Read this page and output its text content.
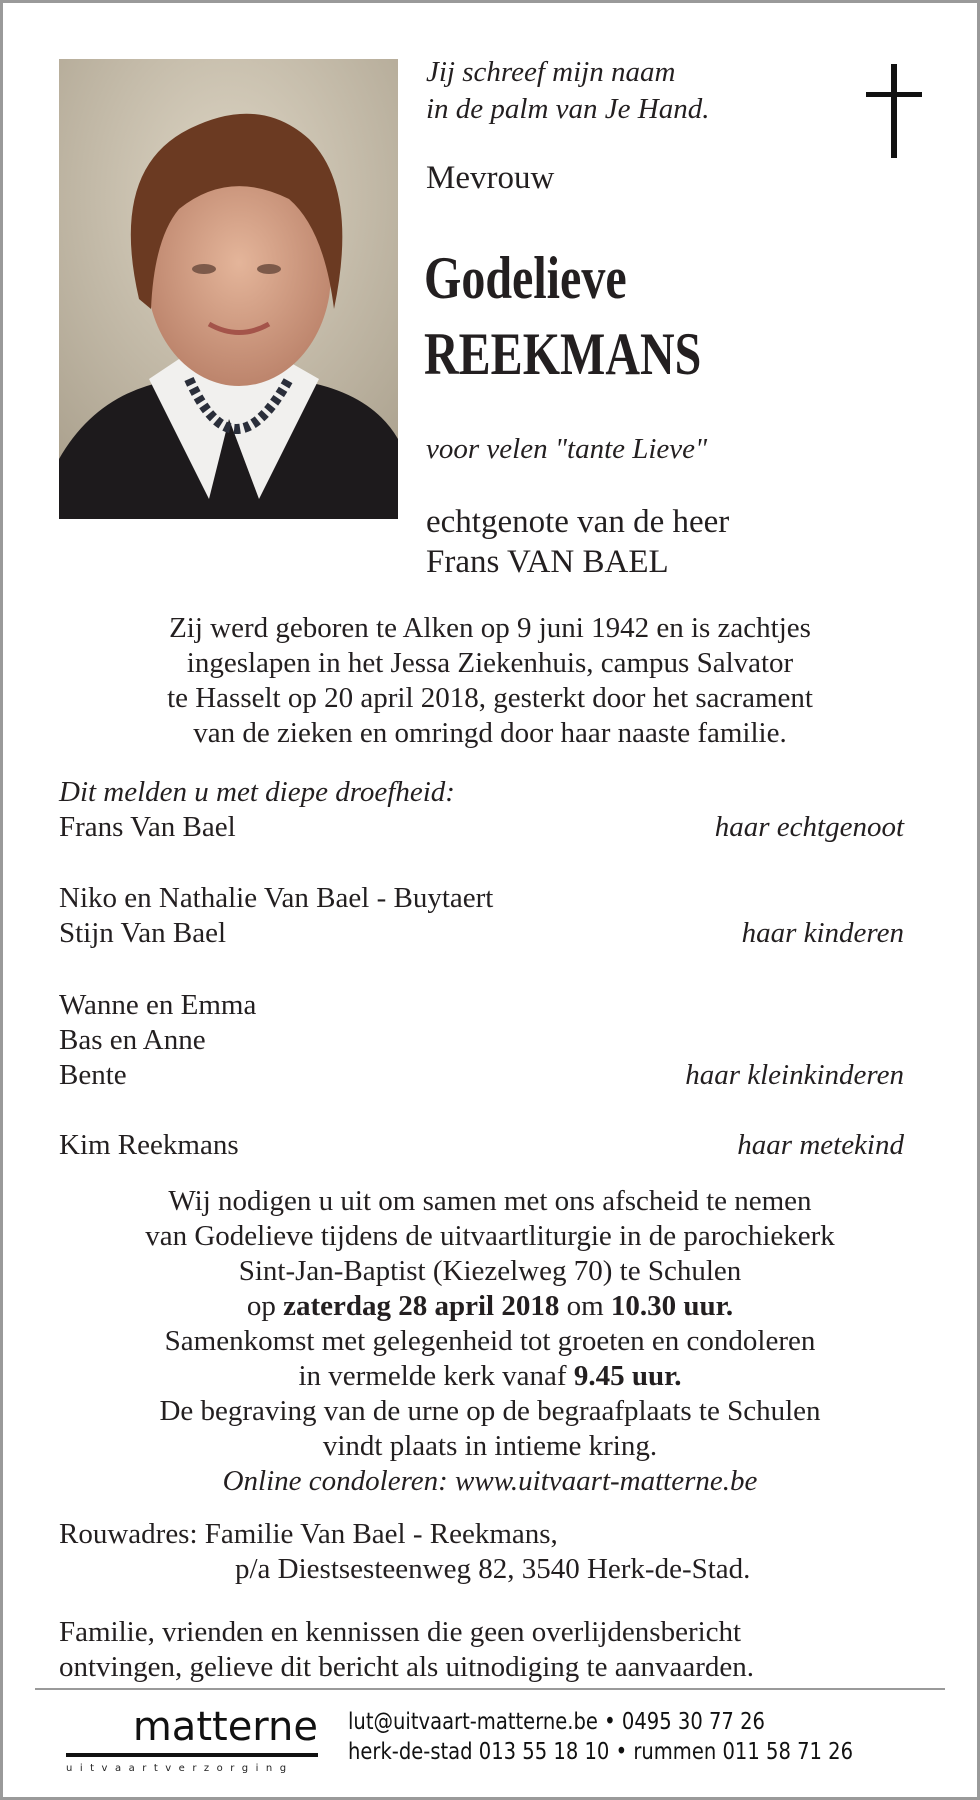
Jij schreef mijn naam
in de palm van Je Hand.
Mevrouw
Godelieve
REEKMANS
voor velen "tante Lieve"
echtgenote van de heer
Frans VAN BAEL
Zij werd geboren te Alken op 9 juni 1942 en is zachtjes
ingeslapen in het Jessa Ziekenhuis, campus Salvator
te Hasselt op 20 april 2018, gesterkt door het sacrament
van de zieken en omringd door haar naaste familie.
Dit melden u met diepe droefheid:
Frans Van Bael	haar echtgenoot
Niko en Nathalie Van Bael - Buytaert
Stijn Van Bael	haar kinderen
Wanne en Emma
Bas en Anne
Bente	haar kleinkinderen
Kim Reekmans	haar metekind
Wij nodigen u uit om samen met ons afscheid te nemen
van Godelieve tijdens de uitvaartliturgie in de parochiekerk
Sint-Jan-Baptist (Kiezelweg 70) te Schulen
op zaterdag 28 april 2018 om 10.30 uur.
Samenkomst met gelegenheid tot groeten en condoleren
in vermelde kerk vanaf 9.45 uur.
De begraving van de urne op de begraafplaats te Schulen
vindt plaats in intieme kring.
Online condoleren: www.uitvaart-matterne.be
Rouwadres: Familie Van Bael - Reekmans,
p/a Diestsesteenweg 82, 3540 Herk-de-Stad.
Familie, vrienden en kennissen die geen overlijdensbericht
ontvingen, gelieve dit bericht als uitnodiging te aanvaarden.
matterne
uitvaartverzorging
lut@uitvaart-matterne.be • 0495 30 77 26
herk-de-stad 013 55 18 10 • rummen 011 58 71 26
